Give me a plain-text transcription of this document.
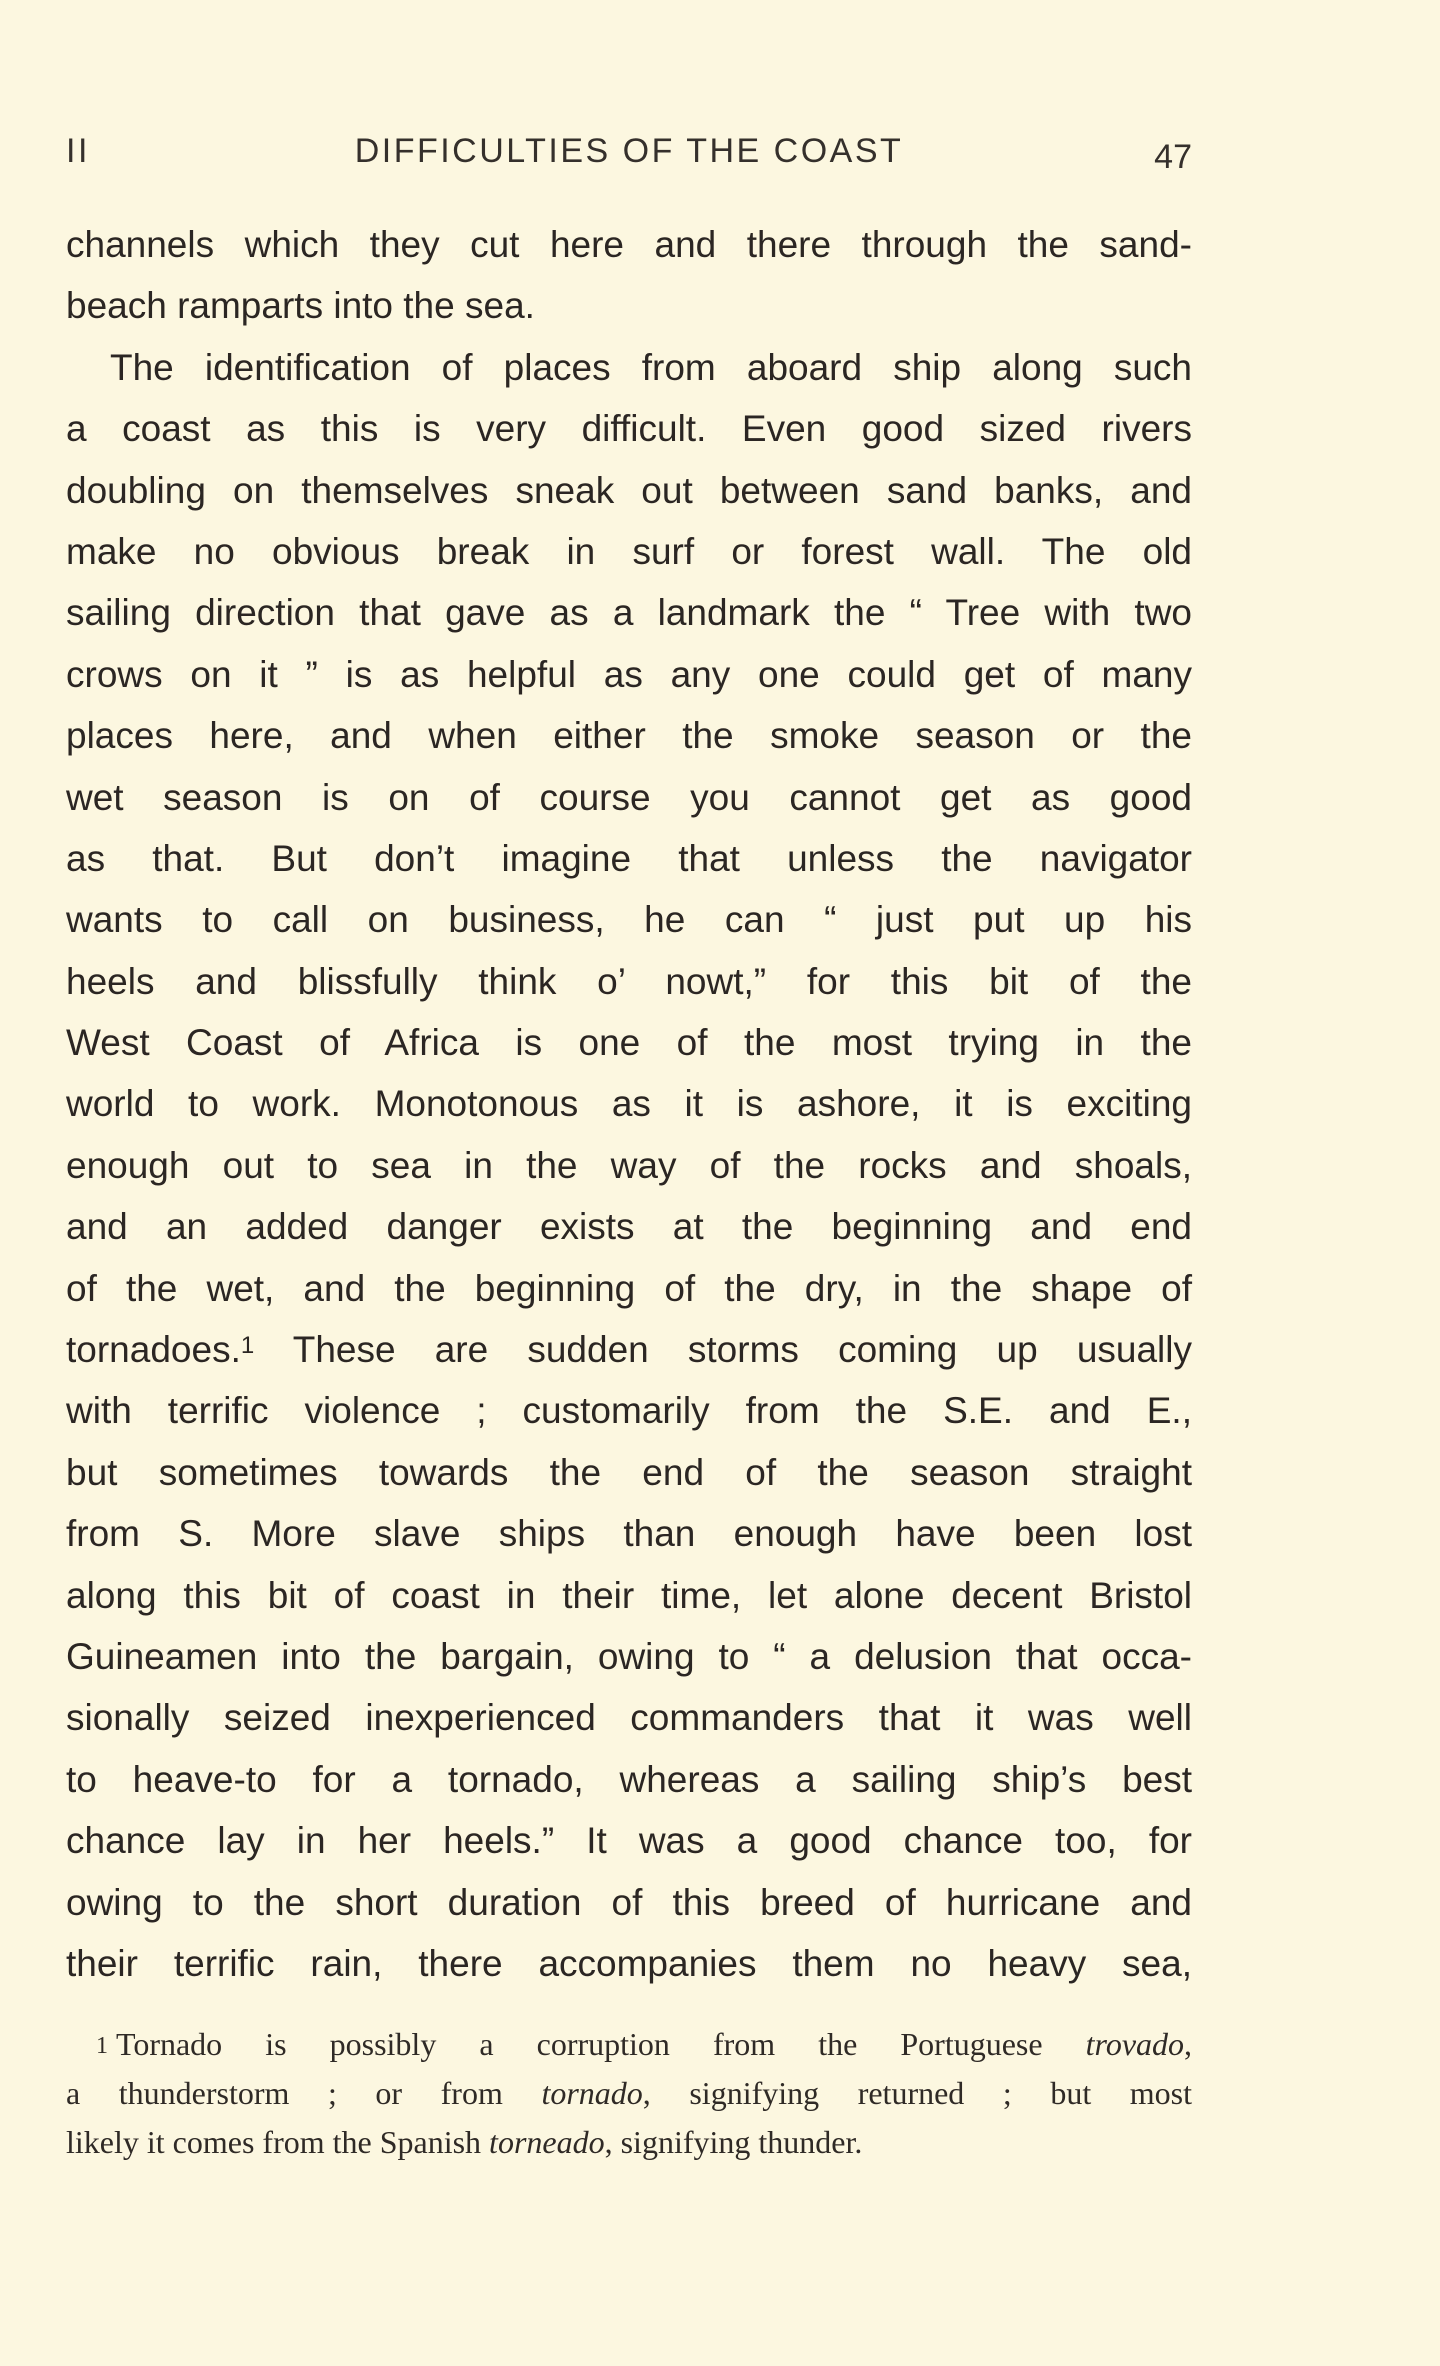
II	DIFFICULTIES OF THE COAST	47
channels which they cut here and there through the sand-
beach ramparts into the sea.
The identification of places from aboard ship along such
a coast as this is very difficult. Even good sized rivers
doubling on themselves sneak out between sand banks, and
make no obvious break in surf or forest wall. The old
sailing direction that gave as a landmark the “ Tree with two
crows on it ” is as helpful as any one could get of many
places here, and when either the smoke season or the
wet season is on of course you cannot get as good
as that. But don’t imagine that unless the navigator
wants to call on business, he can “ just put up his
heels and blissfully think o’ nowt,” for this bit of the
West Coast of Africa is one of the most trying in the
world to work. Monotonous as it is ashore, it is exciting
enough out to sea in the way of the rocks and shoals,
and an added danger exists at the beginning and end
of the wet, and the beginning of the dry, in the shape of
tornadoes.$^1$ These are sudden storms coming up usually
with terrific violence ; customarily from the S.E. and E.,
but sometimes towards the end of the season straight
from S. More slave ships than enough have been lost
along this bit of coast in their time, let alone decent Bristol
Guineamen into the bargain, owing to “ a delusion that occa-
sionally seized inexperienced commanders that it was well
to heave-to for a tornado, whereas a sailing ship’s best
chance lay in her heels.” It was a good chance too, for
owing to the short duration of this breed of hurricane and
their terrific rain, there accompanies them no heavy sea,
$^1$ Tornado is possibly a corruption from the Portuguese trovado,
a thunderstorm ; or from tornado, signifying returned ; but most
likely it comes from the Spanish torneado, signifying thunder.
